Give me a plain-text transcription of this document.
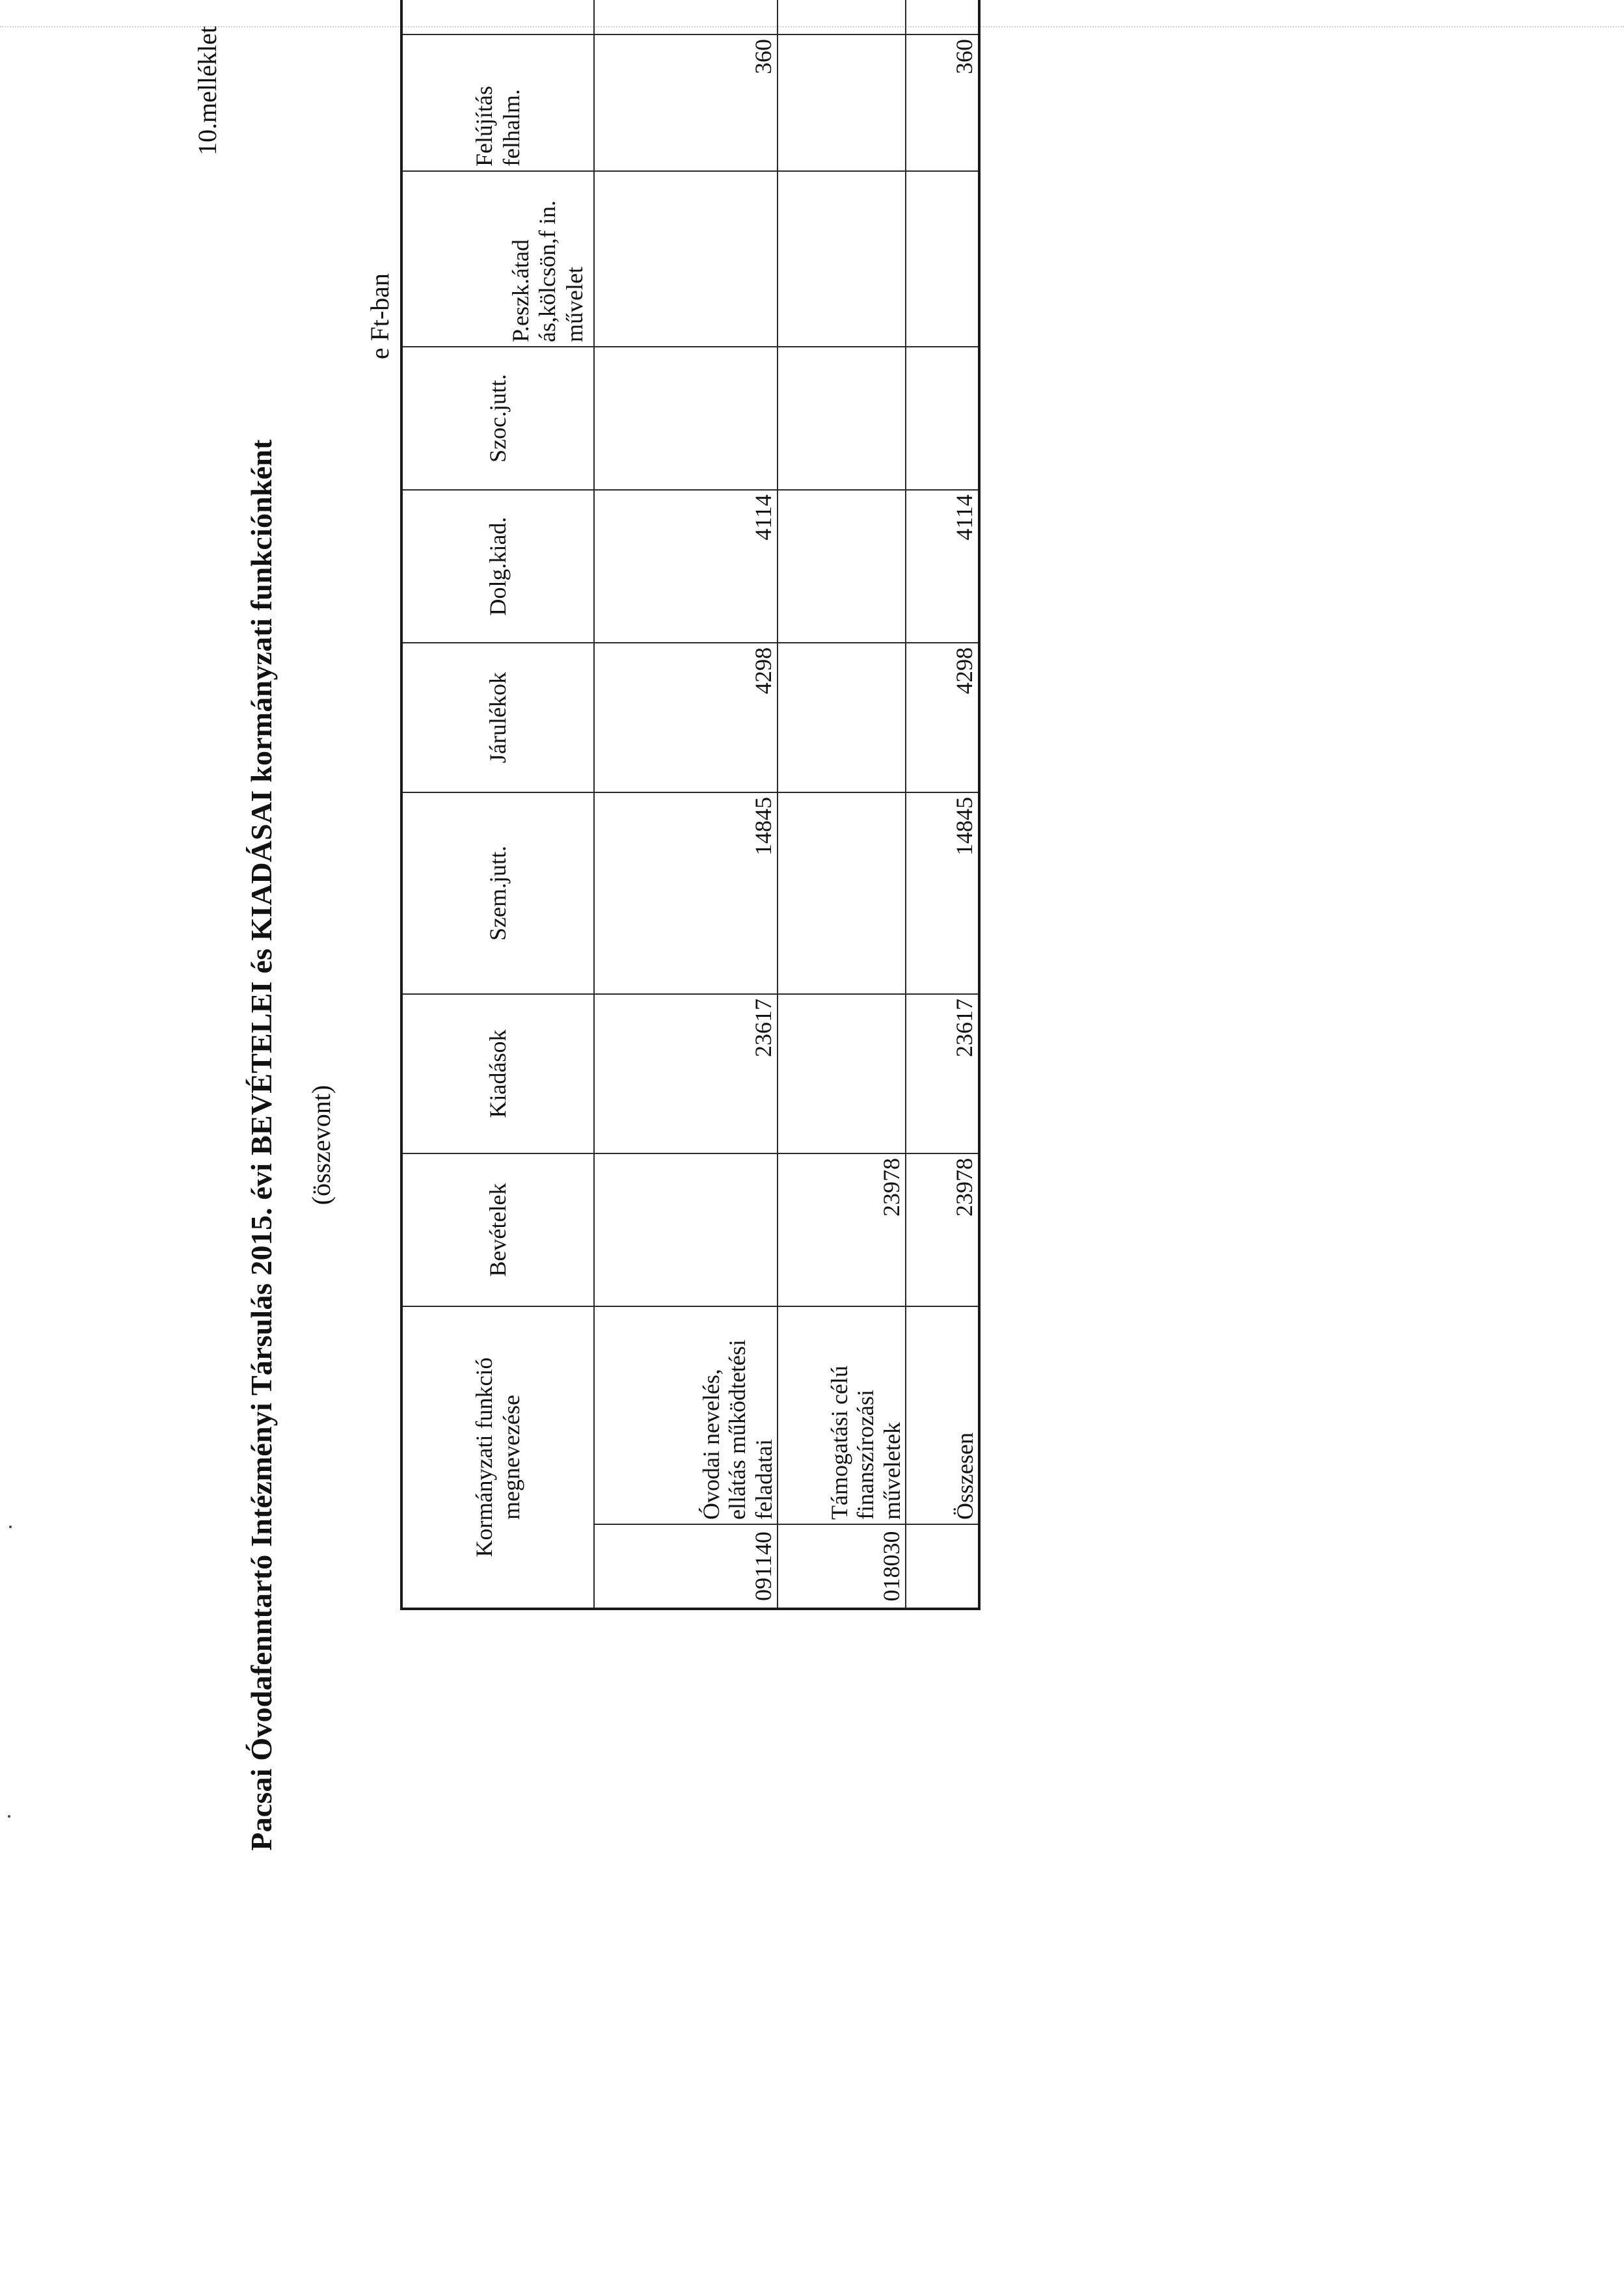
10.melléklet
Pacsai Óvodafenntartó Intézményi Társulás 2015. évi BEVÉTELEI és KIADÁSAI kormányzati funkciónként (összevont)
e Ft-ban
Kormányzati funkció megnevezése		Bevételek	Kiadások	Szem.jutt.	Járulékok	Dolg.kiad.	Szoc.jutt.	P.eszk.átad ás,kölcsön,f in. művelet	Felújítás felhalm.	
091140	Óvodai nevelés, ellátás működtetési feladatai		23617	14845	4298	4114			360	
018030	Támogatási célú finanszírozási műveletek	23978								
	Összesen	23978	23617	14845	4298	4114			360	
